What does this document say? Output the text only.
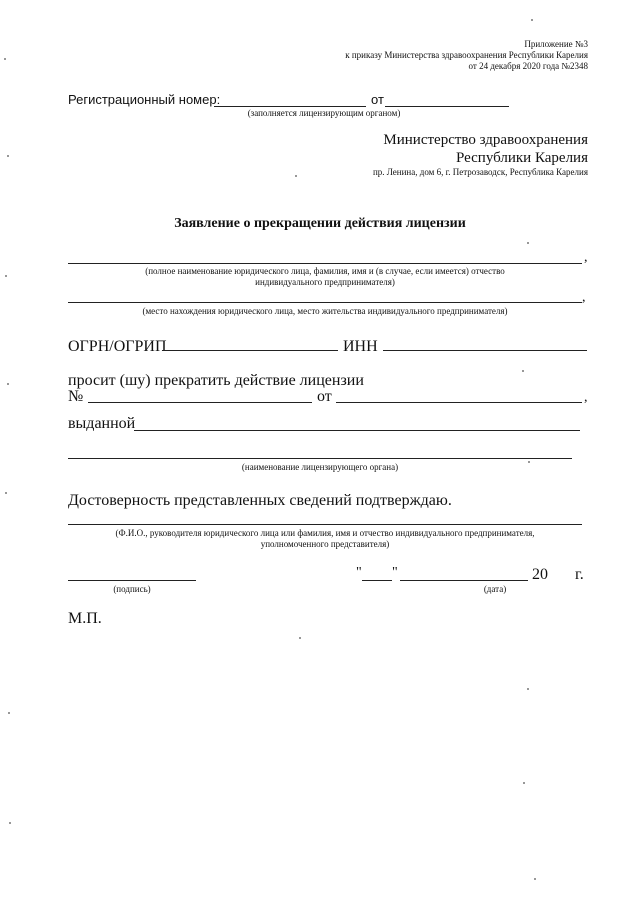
Приложение №3
к приказу Министерства здравоохранения Республики Карелия
от 24 декабря 2020 года №2348
Регистрационный номер:	от
(заполняется лицензирующим органом)
Министерство здравоохранения
Республики Карелия
пр. Ленина, дом 6, г. Петрозаводск, Республика Карелия
Заявление о прекращении действия лицензии
,
(полное наименование юридического лица, фамилия, имя и (в случае, если имеется) отчество
индивидуального предпринимателя)
,
(место нахождения юридического лица, место жительства индивидуального предпринимателя)
ОГРН/ОГРИП	ИНН
просит (шу) прекратить действие лицензии
№	от	,
выданной
(наименование лицензирующего органа)
Достоверность представленных сведений подтверждаю.
(Ф.И.О., руководителя юридического лица или фамилия, имя и отчество индивидуального предпринимателя,
уполномоченного представителя)
(подпись)
" "	20 г.
(дата)
М.П.
